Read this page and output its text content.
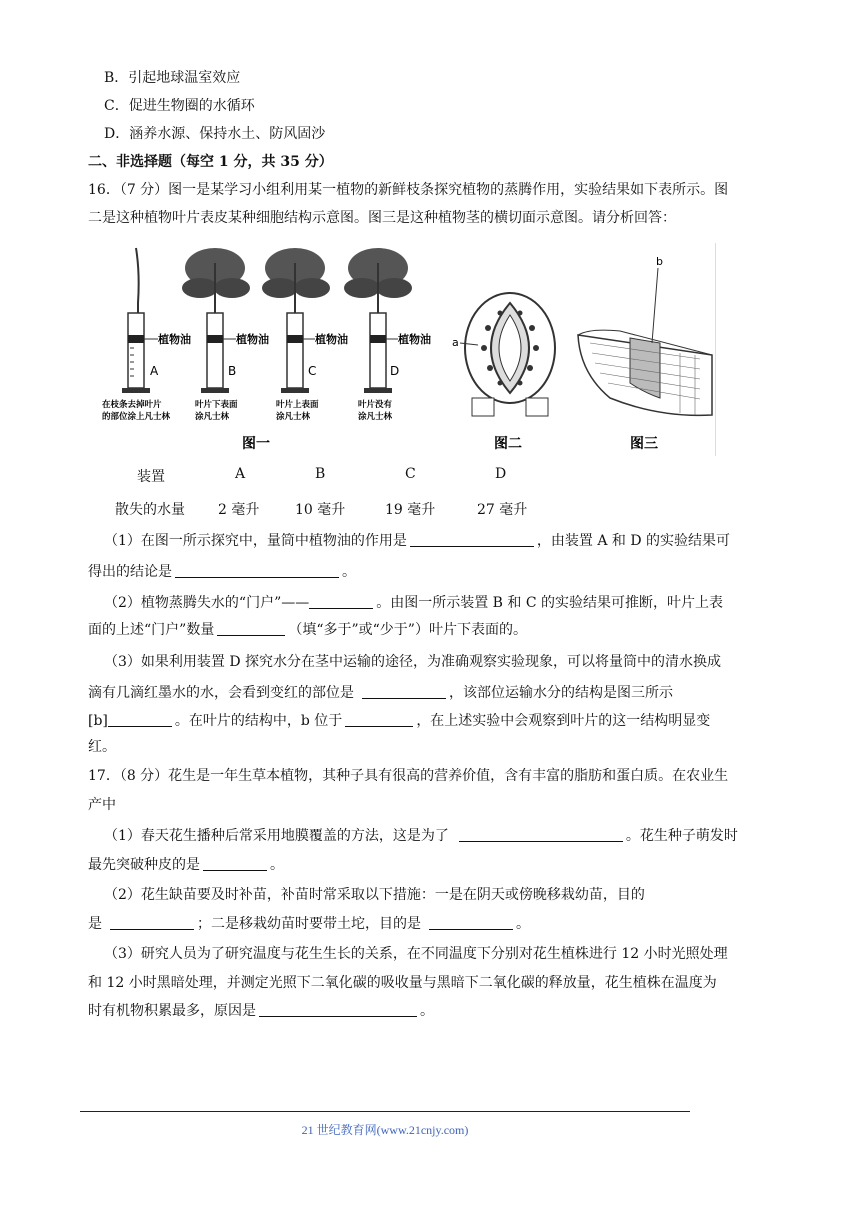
B．引起地球温室效应
C．促进生物圈的水循环
D．涵养水源、保持水土、防风固沙
二、非选择题（每空 1 分，共 35 分）
16．（7 分）图一是某学习小组利用某一植物的新鲜枝条探究植物的蒸腾作用，实验结果如下表所示。图
二是这种植物叶片表皮某种细胞结构示意图。图三是这种植物茎的横切面示意图。请分析回答：
植物油	植物油	植物油	植物油
A	B	C	D
在枝条去掉叶片
的部位涂上凡士林
叶片下表面
涂凡士林
叶片上表面
涂凡士林
叶片没有
涂凡士林
a
b
图一	图二	图三
装置	A	B	C	D
散失的水量 2 毫升	10 毫升	19 毫升	27 毫升
（1）在图一所示探究中，量筒中植物油的作用是	，由装置 A 和 D 的实验结果可
得出的结论是	。
（2）植物蒸腾失水的“门户”——	。由图一所示装置 B 和 C 的实验结果可推断，叶片上表
面的上述“门户”数量	（填“多于”或“少于”）叶片下表面的。
（3）如果利用装置 D 探究水分在茎中运输的途径，为准确观察实验现象，可以将量筒中的清水换成
滴有几滴红墨水的水，会看到变红的部位是	，该部位运输水分的结构是图三所示
[b]	。在叶片的结构中，b 位于	，在上述实验中会观察到叶片的这一结构明显变
红。
17．（8 分）花生是一年生草本植物，其种子具有很高的营养价值，含有丰富的脂肪和蛋白质。在农业生
产中
（1）春天花生播种后常采用地膜覆盖的方法，这是为了	。花生种子萌发时
最先突破种皮的是	。
（2）花生缺苗要及时补苗，补苗时常采取以下措施：一是在阴天或傍晚移栽幼苗，目的
是	；二是移栽幼苗时要带土坨，目的是	。
（3）研究人员为了研究温度与花生生长的关系，在不同温度下分别对花生植株进行 12 小时光照处理
和 12 小时黑暗处理，并测定光照下二氧化碳的吸收量与黑暗下二氧化碳的释放量，花生植株在温度为
时有机物积累最多，原因是	。
21 世纪教育网(www.21cnjy.com)
